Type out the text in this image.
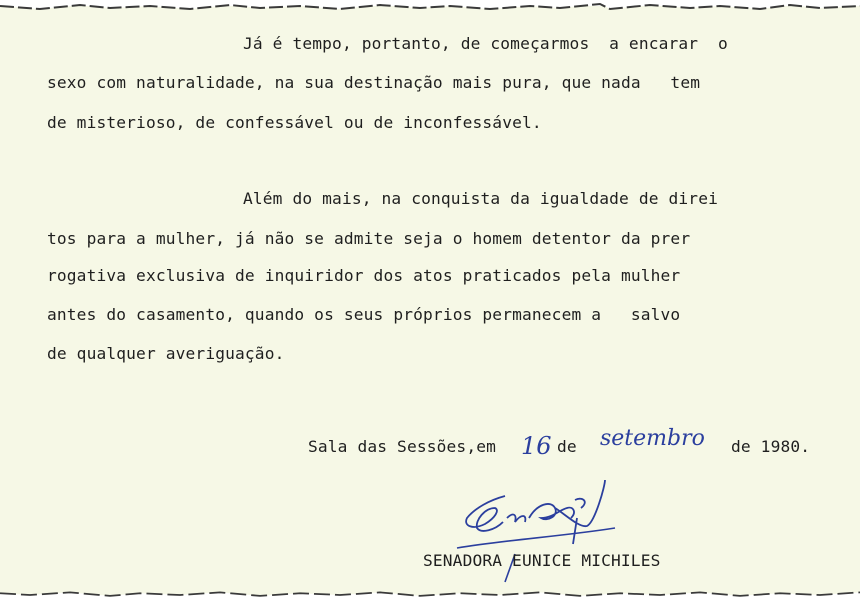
Já é tempo, portanto, de começarmos  a encarar  o
sexo com naturalidade, na sua destinação mais pura, que nada   tem
de misterioso, de confessável ou de inconfessável.
Além do mais, na conquista da igualdade de direi
tos para a mulher, já não se admite seja o homem detentor da prer
rogativa exclusiva de inquiridor dos atos praticados pela mulher
antes do casamento, quando os seus próprios permanecem a   salvo
de qualquer averiguação.
Sala das Sessões,em 16 de setembro de 1980.
SENADORA EUNICE MICHILES
